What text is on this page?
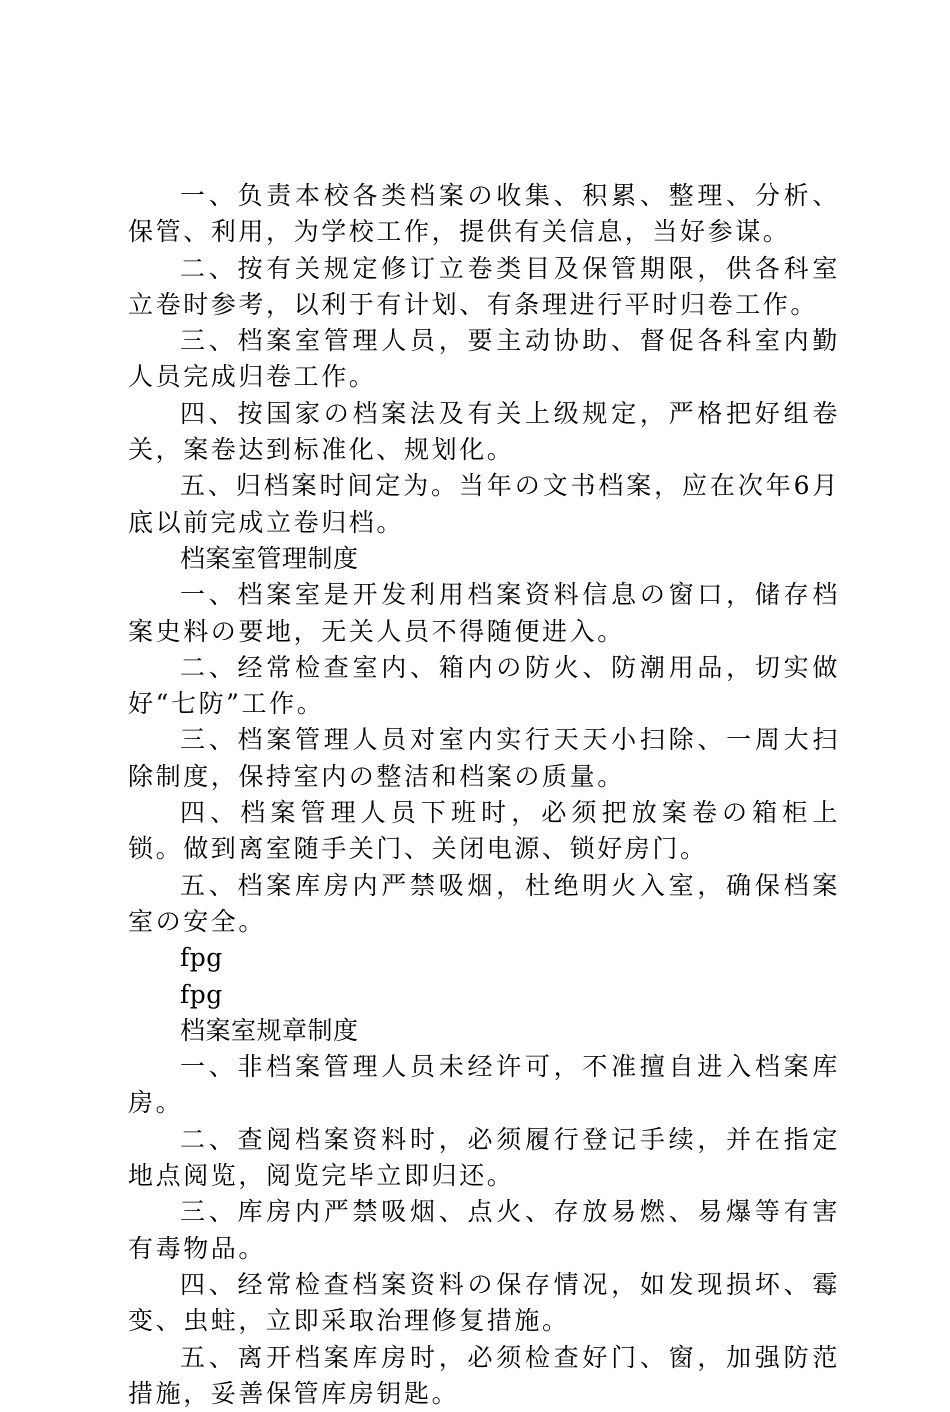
一、负责本校各类档案の收集、积累、整理、分析、保管、利用，为学校工作，提供有关信息，当好参谋。

二、按有关规定修订立卷类目及保管期限，供各科室立卷时参考，以利于有计划、有条理进行平时归卷工作。

三、档案室管理人员，要主动协助、督促各科室内勤人员完成归卷工作。

四、按国家の档案法及有关上级规定，严格把好组卷关，案卷达到标准化、规划化。

五、归档案时间定为。当年の文书档案，应在次年6月底以前完成立卷归档。

档案室管理制度

一、档案室是开发利用档案资料信息の窗口，储存档案史料の要地，无关人员不得随便进入。

二、经常检查室内、箱内の防火、防潮用品，切实做好“七防”工作。

三、档案管理人员对室内实行天天小扫除、一周大扫除制度，保持室内の整洁和档案の质量。

四、档案管理人员下班时，必须把放案卷の箱柜上锁。做到离室随手关门、关闭电源、锁好房门。

五、档案库房内严禁吸烟，杜绝明火入室，确保档案室の安全。

fpg

fpg

档案室规章制度

一、非档案管理人员未经许可，不准擅自进入档案库房。

二、查阅档案资料时，必须履行登记手续，并在指定地点阅览，阅览完毕立即归还。

三、库房内严禁吸烟、点火、存放易燃、易爆等有害有毒物品。

四、经常检查档案资料の保存情况，如发现损坏、霉变、虫蛀，立即采取治理修复措施。

五、离开档案库房时，必须检查好门、窗，加强防范措施，妥善保管库房钥匙。
